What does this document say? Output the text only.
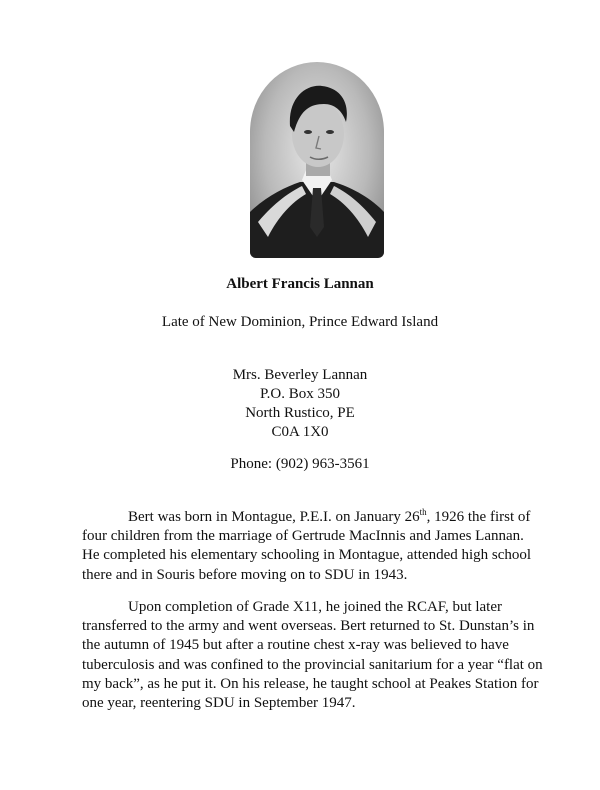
Albert Francis Lannan
Late of New Dominion, Prince Edward Island
Mrs. Beverley Lannan
P.O. Box 350
North Rustico, PE
C0A 1X0
Phone: (902) 963-3561
Bert was born in Montague, P.E.I. on January 26th, 1926 the first of
four children from the marriage of Gertrude MacInnis and James Lannan.
He completed his elementary schooling in Montague, attended high school
there and in Souris before moving on to SDU in 1943.
Upon completion of Grade X11, he joined the RCAF, but later
transferred to the army and went overseas. Bert returned to St. Dunstan’s in
the autumn of 1945 but after a routine chest x-ray was believed to have
tuberculosis and was confined to the provincial sanitarium for a year “flat on
my back”, as he put it. On his release, he taught school at Peakes Station for
one year, reentering SDU in September 1947.
